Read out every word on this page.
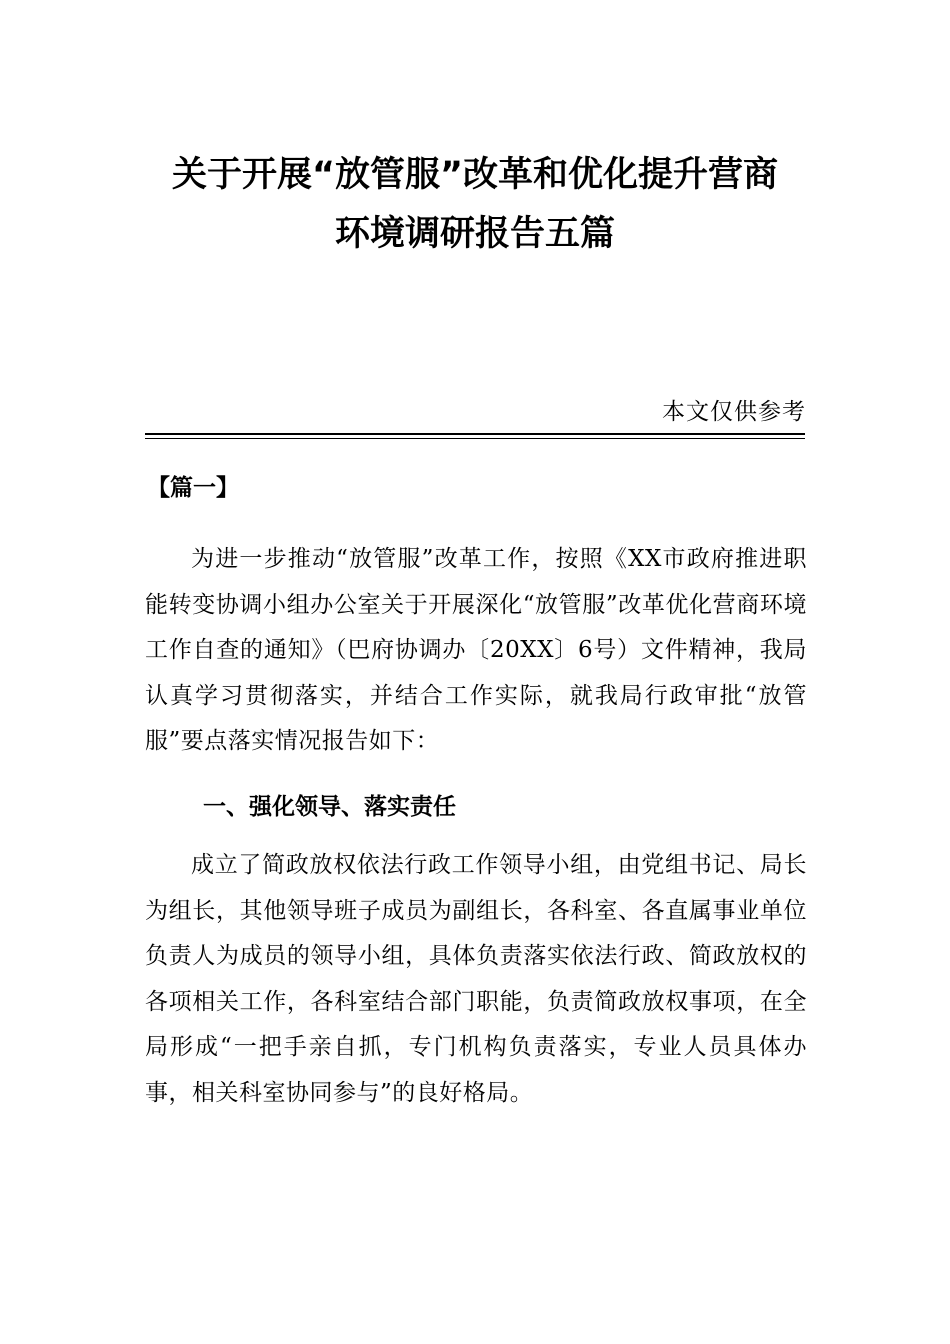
关于开展“放管服”改革和优化提升营商
环境调研报告五篇
本文仅供参考
【篇一】

为进一步推动“放管服”改革工作，按照《XX市政府推进职能转变协调小组办公室关于开展深化“放管服”改革优化营商环境工作自查的通知》（巴府协调办〔20XX〕6号）文件精神，我局认真学习贯彻落实，并结合工作实际，就我局行政审批“放管服”要点落实情况报告如下：

一、强化领导、落实责任

成立了简政放权依法行政工作领导小组，由党组书记、局长为组长，其他领导班子成员为副组长，各科室、各直属事业单位负责人为成员的领导小组，具体负责落实依法行政、简政放权的各项相关工作，各科室结合部门职能，负责简政放权事项，在全局形成“一把手亲自抓，专门机构负责落实，专业人员具体办事，相关科室协同参与”的良好格局。
